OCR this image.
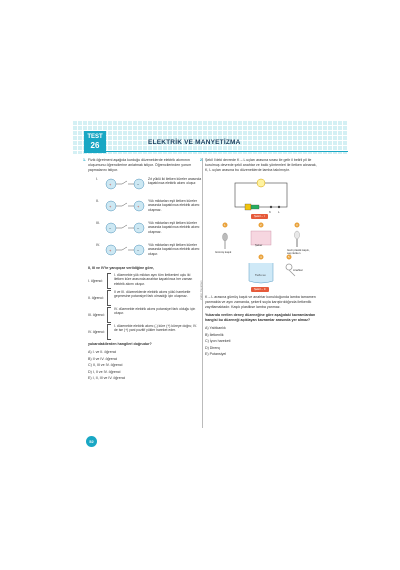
TEST
26	ELEKTRİK VE MANYETİZMA
Zafer Yayınları

1. Fizik öğretmeni aşağıda kurduğu düzeneklerde elektrik akımının oluşumunu öğrencilerine anlatmak istiyor. Öğrencilerinden yorum yapmalarını istiyor.

I.
+	−
Zıt yüklü iki iletken küreler arasında kapatılınca elektrik akımı oluşur.
II.
+	+
Yük miktarları eşit iletken küreler arasında kapatılınca elektrik akımı oluşmaz.
III.
−	−
Yük miktarları eşit iletken küreler arasında kapatılınca elektrik akımı oluşmaz.
IV.
+	−
Yük miktarları eşit iletken küreler arasında kapatılınca elektrik akımı oluşur.

II, III ve IV'te yanıpıçar verildiğine göre,

I. öğrenci:
I. düzenekte yük miktarı aynı tüm iletkenleri uçlu iki iletken küre arasında anahtar kapatılınca her zaman elektrik akımı oluşur.
II. öğrenci:
II ve III. düzeneklerde elektrik akımı yükü hareketle geçmesine potansiyel fark olmadığı için oluşmaz.
III. öğrenci:
IV. düzenekte elektrik akımı potansiyel fark olduğu için oluşur.
IV. öğrenci:
I. düzenekte elektrik akımı (-) küre (+) küreye doğru; IV. de ise (+) yani pozitif yükler hareket eder.

yukarıdakilerden hangileri doğrudur?

A) I. ve II. öğrenci
B) II ve IV. öğrenci
C) II, III ve IV. öğrenci
D) I, II ve IV. öğrenci
E) I, II, III ve IV. öğrenci

2. Şekil I'deki devrede K – L uçları arasına sırası ile gelir il belirli pil ile kurulmuş devrede şekil anahtar ve balık yöntemleri ile iletken alınarak, K, L uçları arasına bu düzeneklerde lamba takılmıştır.

K L
Şekil – I
1	2	3
4	5
Gümüş kaşık
Şeker
Gazi plastik kaşık, sap iletken
Tuzlu su
Anahtar
Şekil – II

K – L arasına gümüş kaşık ve anahtar konulduğunda lamba tamamen yanmakta ve aynı zamanda, şekerli suyla karıştırıldığında iletkenlik zayıflamaktadır. Kaşık plastikse lamba yanmaz.

Yukarıda verilen deney düzeneğine göre aşağıdaki kavramlardan hangisi bu düzeneği açıklayan kavramlar arasında yer almaz?

A) Yalıtkanlık
B) İletkenlik
C) İyon hareketi
D) Direnç
E) Potansiyel
52
